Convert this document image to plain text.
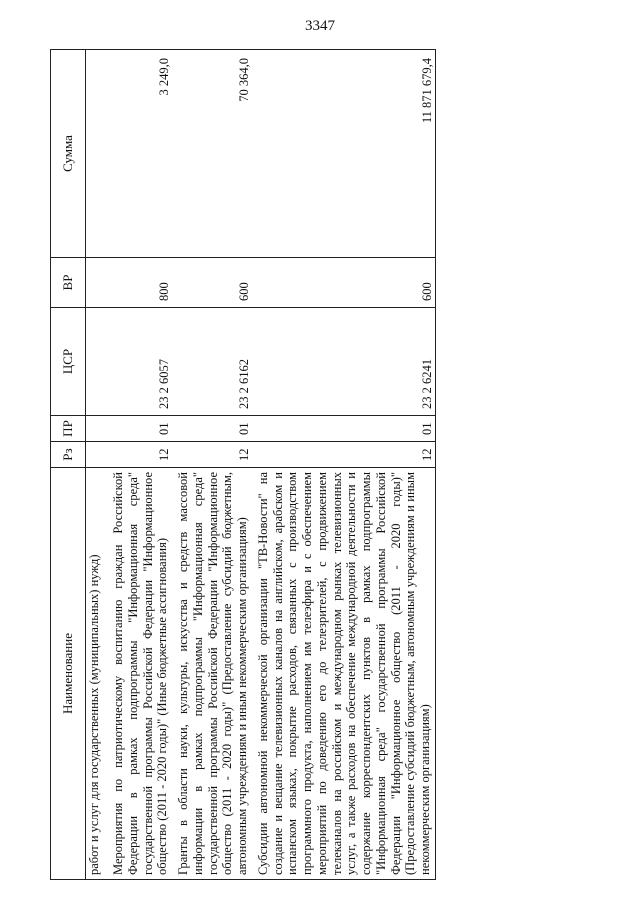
3347
Наименование	Рз	ПР	ЦСР	ВР	Сумма
работ и услуг для государственных (муниципальных) нужд)					
Мероприятия по патриотическому воспитанию граждан Российской Федерации в рамках подпрограммы "Информационная среда" государственной программы Российской Федерации "Информационное общество (2011 - 2020 годы)" (Иные бюджетные ассигнования)	12	01	23 2 6057	800	3 249,0
Гранты в области науки, культуры, искусства и средств массовой информации в рамках подпрограммы "Информационная среда" государственной программы Российской Федерации "Информационное общество (2011 - 2020 годы)" (Предоставление субсидий бюджетным, автономным учреждениям и иным некоммерческим организациям)	12	01	23 2 6162	600	70 364,0
Субсидии автономной некоммерческой организации "ТВ-Новости" на создание и вещание телевизионных каналов на английском, арабском и испанском языках, покрытие расходов, связанных с производством программного продукта, наполнением им телеэфира и с обеспечением мероприятий по доведению его до телезрителей, с продвижением телеканалов на российском и международном рынках телевизионных услуг, а также расходов на обеспечение международной деятельности и содержание корреспондентских пунктов в рамках подпрограммы "Информационная среда" государственной программы Российской Федерации "Информационное общество (2011 - 2020 годы)" (Предоставление субсидий бюджетным, автономным учреждениям и иным некоммерческим организациям)	12	01	23 2 6241	600	11 871 679,4
